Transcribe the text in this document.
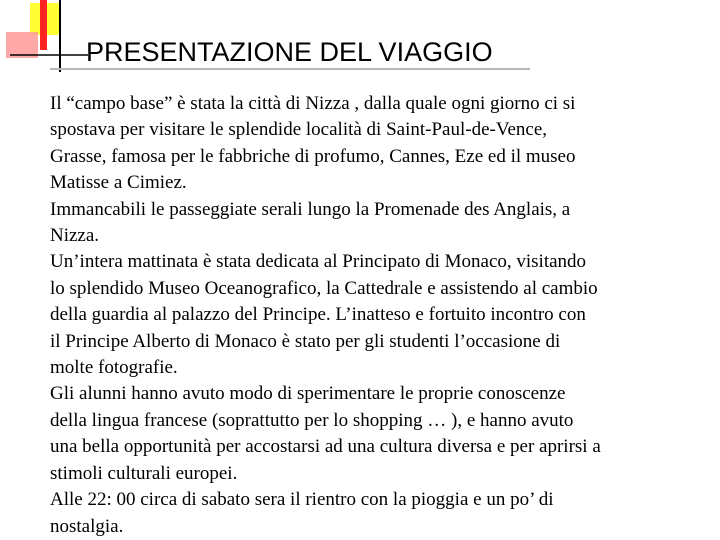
PRESENTAZIONE DEL VIAGGIO
Il “campo base” è stata la città di Nizza , dalla quale ogni giorno ci si
spostava per visitare le splendide località di Saint-Paul-de-Vence,
Grasse, famosa per le fabbriche di profumo, Cannes, Eze ed il museo
Matisse a Cimiez.
Immancabili le passeggiate serali lungo la Promenade des Anglais, a
Nizza.
Un’intera mattinata è stata dedicata al Principato di Monaco, visitando
lo splendido Museo Oceanografico, la Cattedrale e assistendo al cambio
della guardia al palazzo del Principe. L’inatteso e fortuito incontro con
il Principe Alberto di Monaco è stato per gli studenti l’occasione di
molte fotografie.
Gli alunni hanno avuto modo di sperimentare le proprie conoscenze
della lingua francese (soprattutto per lo shopping … ), e hanno avuto
una bella opportunità per accostarsi ad una cultura diversa e per aprirsi a
stimoli culturali europei.
Alle 22: 00 circa di sabato sera il rientro con la pioggia e un po’ di
nostalgia.
